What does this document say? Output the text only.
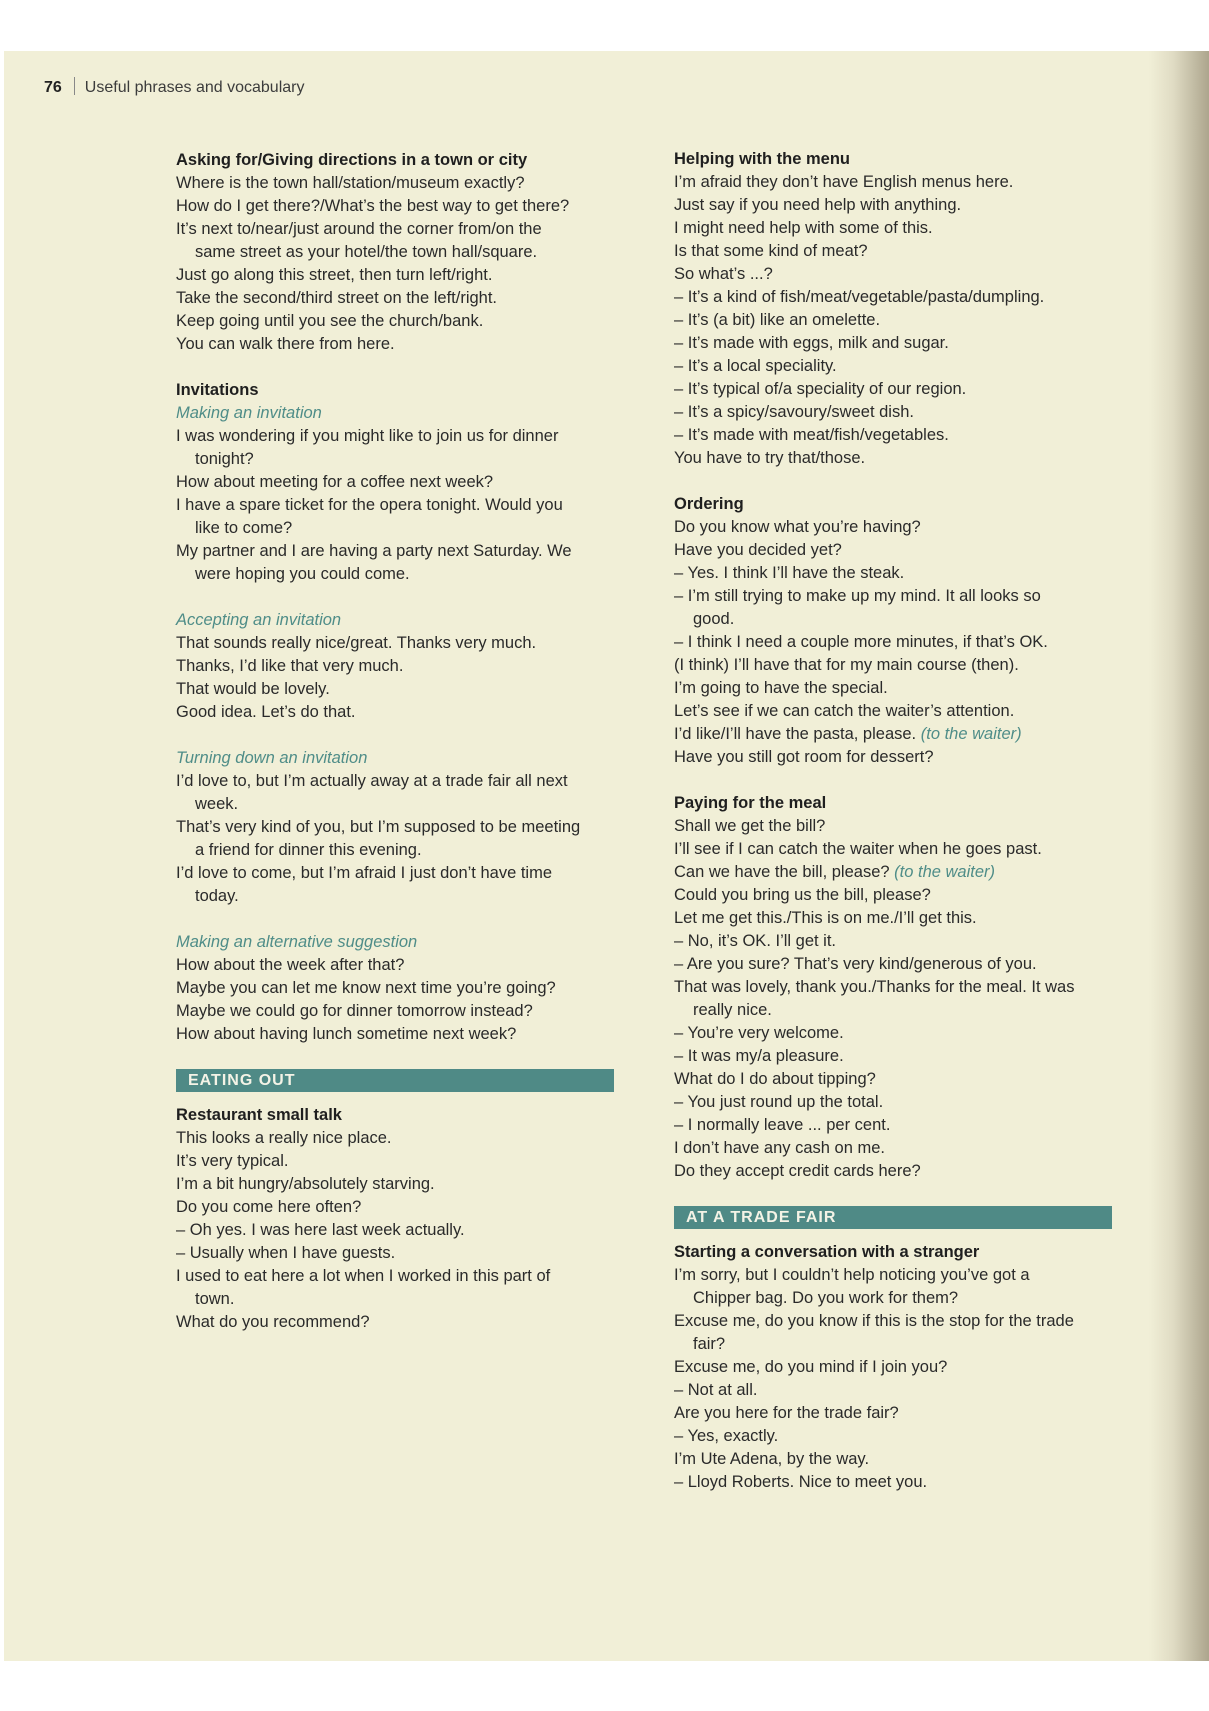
76 Useful phrases and vocabulary
Asking for/Giving directions in a town or city
Where is the town hall/station/museum exactly?
How do I get there?/What’s the best way to get there?
It’s next to/near/just around the corner from/on the
same street as your hotel/the town hall/square.
Just go along this street, then turn left/right.
Take the second/third street on the left/right.
Keep going until you see the church/bank.
You can walk there from here.
Invitations
Making an invitation
I was wondering if you might like to join us for dinner
tonight?
How about meeting for a coffee next week?
I have a spare ticket for the opera tonight. Would you
like to come?
My partner and I are having a party next Saturday. We
were hoping you could come.
Accepting an invitation
That sounds really nice/great. Thanks very much.
Thanks, I’d like that very much.
That would be lovely.
Good idea. Let’s do that.
Turning down an invitation
I’d love to, but I’m actually away at a trade fair all next
week.
That’s very kind of you, but I’m supposed to be meeting
a friend for dinner this evening.
I’d love to come, but I’m afraid I just don’t have time
today.
Making an alternative suggestion
How about the week after that?
Maybe you can let me know next time you’re going?
Maybe we could go for dinner tomorrow instead?
How about having lunch sometime next week?
EATING OUT
Restaurant small talk
This looks a really nice place.
It’s very typical.
I’m a bit hungry/absolutely starving.
Do you come here often?
– Oh yes. I was here last week actually.
– Usually when I have guests.
I used to eat here a lot when I worked in this part of
town.
What do you recommend?
Helping with the menu
I’m afraid they don’t have English menus here.
Just say if you need help with anything.
I might need help with some of this.
Is that some kind of meat?
So what’s ...?
– It’s a kind of fish/meat/vegetable/pasta/dumpling.
– It’s (a bit) like an omelette.
– It’s made with eggs, milk and sugar.
– It’s a local speciality.
– It’s typical of/a speciality of our region.
– It’s a spicy/savoury/sweet dish.
– It’s made with meat/fish/vegetables.
You have to try that/those.
Ordering
Do you know what you’re having?
Have you decided yet?
– Yes. I think I’ll have the steak.
– I’m still trying to make up my mind. It all looks so
good.
– I think I need a couple more minutes, if that’s OK.
(I think) I’ll have that for my main course (then).
I’m going to have the special.
Let’s see if we can catch the waiter’s attention.
I’d like/I’ll have the pasta, please. (to the waiter)
Have you still got room for dessert?
Paying for the meal
Shall we get the bill?
I’ll see if I can catch the waiter when he goes past.
Can we have the bill, please? (to the waiter)
Could you bring us the bill, please?
Let me get this./This is on me./I’ll get this.
– No, it’s OK. I’ll get it.
– Are you sure? That’s very kind/generous of you.
That was lovely, thank you./Thanks for the meal. It was
really nice.
– You’re very welcome.
– It was my/a pleasure.
What do I do about tipping?
– You just round up the total.
– I normally leave ... per cent.
I don’t have any cash on me.
Do they accept credit cards here?
AT A TRADE FAIR
Starting a conversation with a stranger
I’m sorry, but I couldn’t help noticing you’ve got a
Chipper bag. Do you work for them?
Excuse me, do you know if this is the stop for the trade
fair?
Excuse me, do you mind if I join you?
– Not at all.
Are you here for the trade fair?
– Yes, exactly.
I’m Ute Adena, by the way.
– Lloyd Roberts. Nice to meet you.
